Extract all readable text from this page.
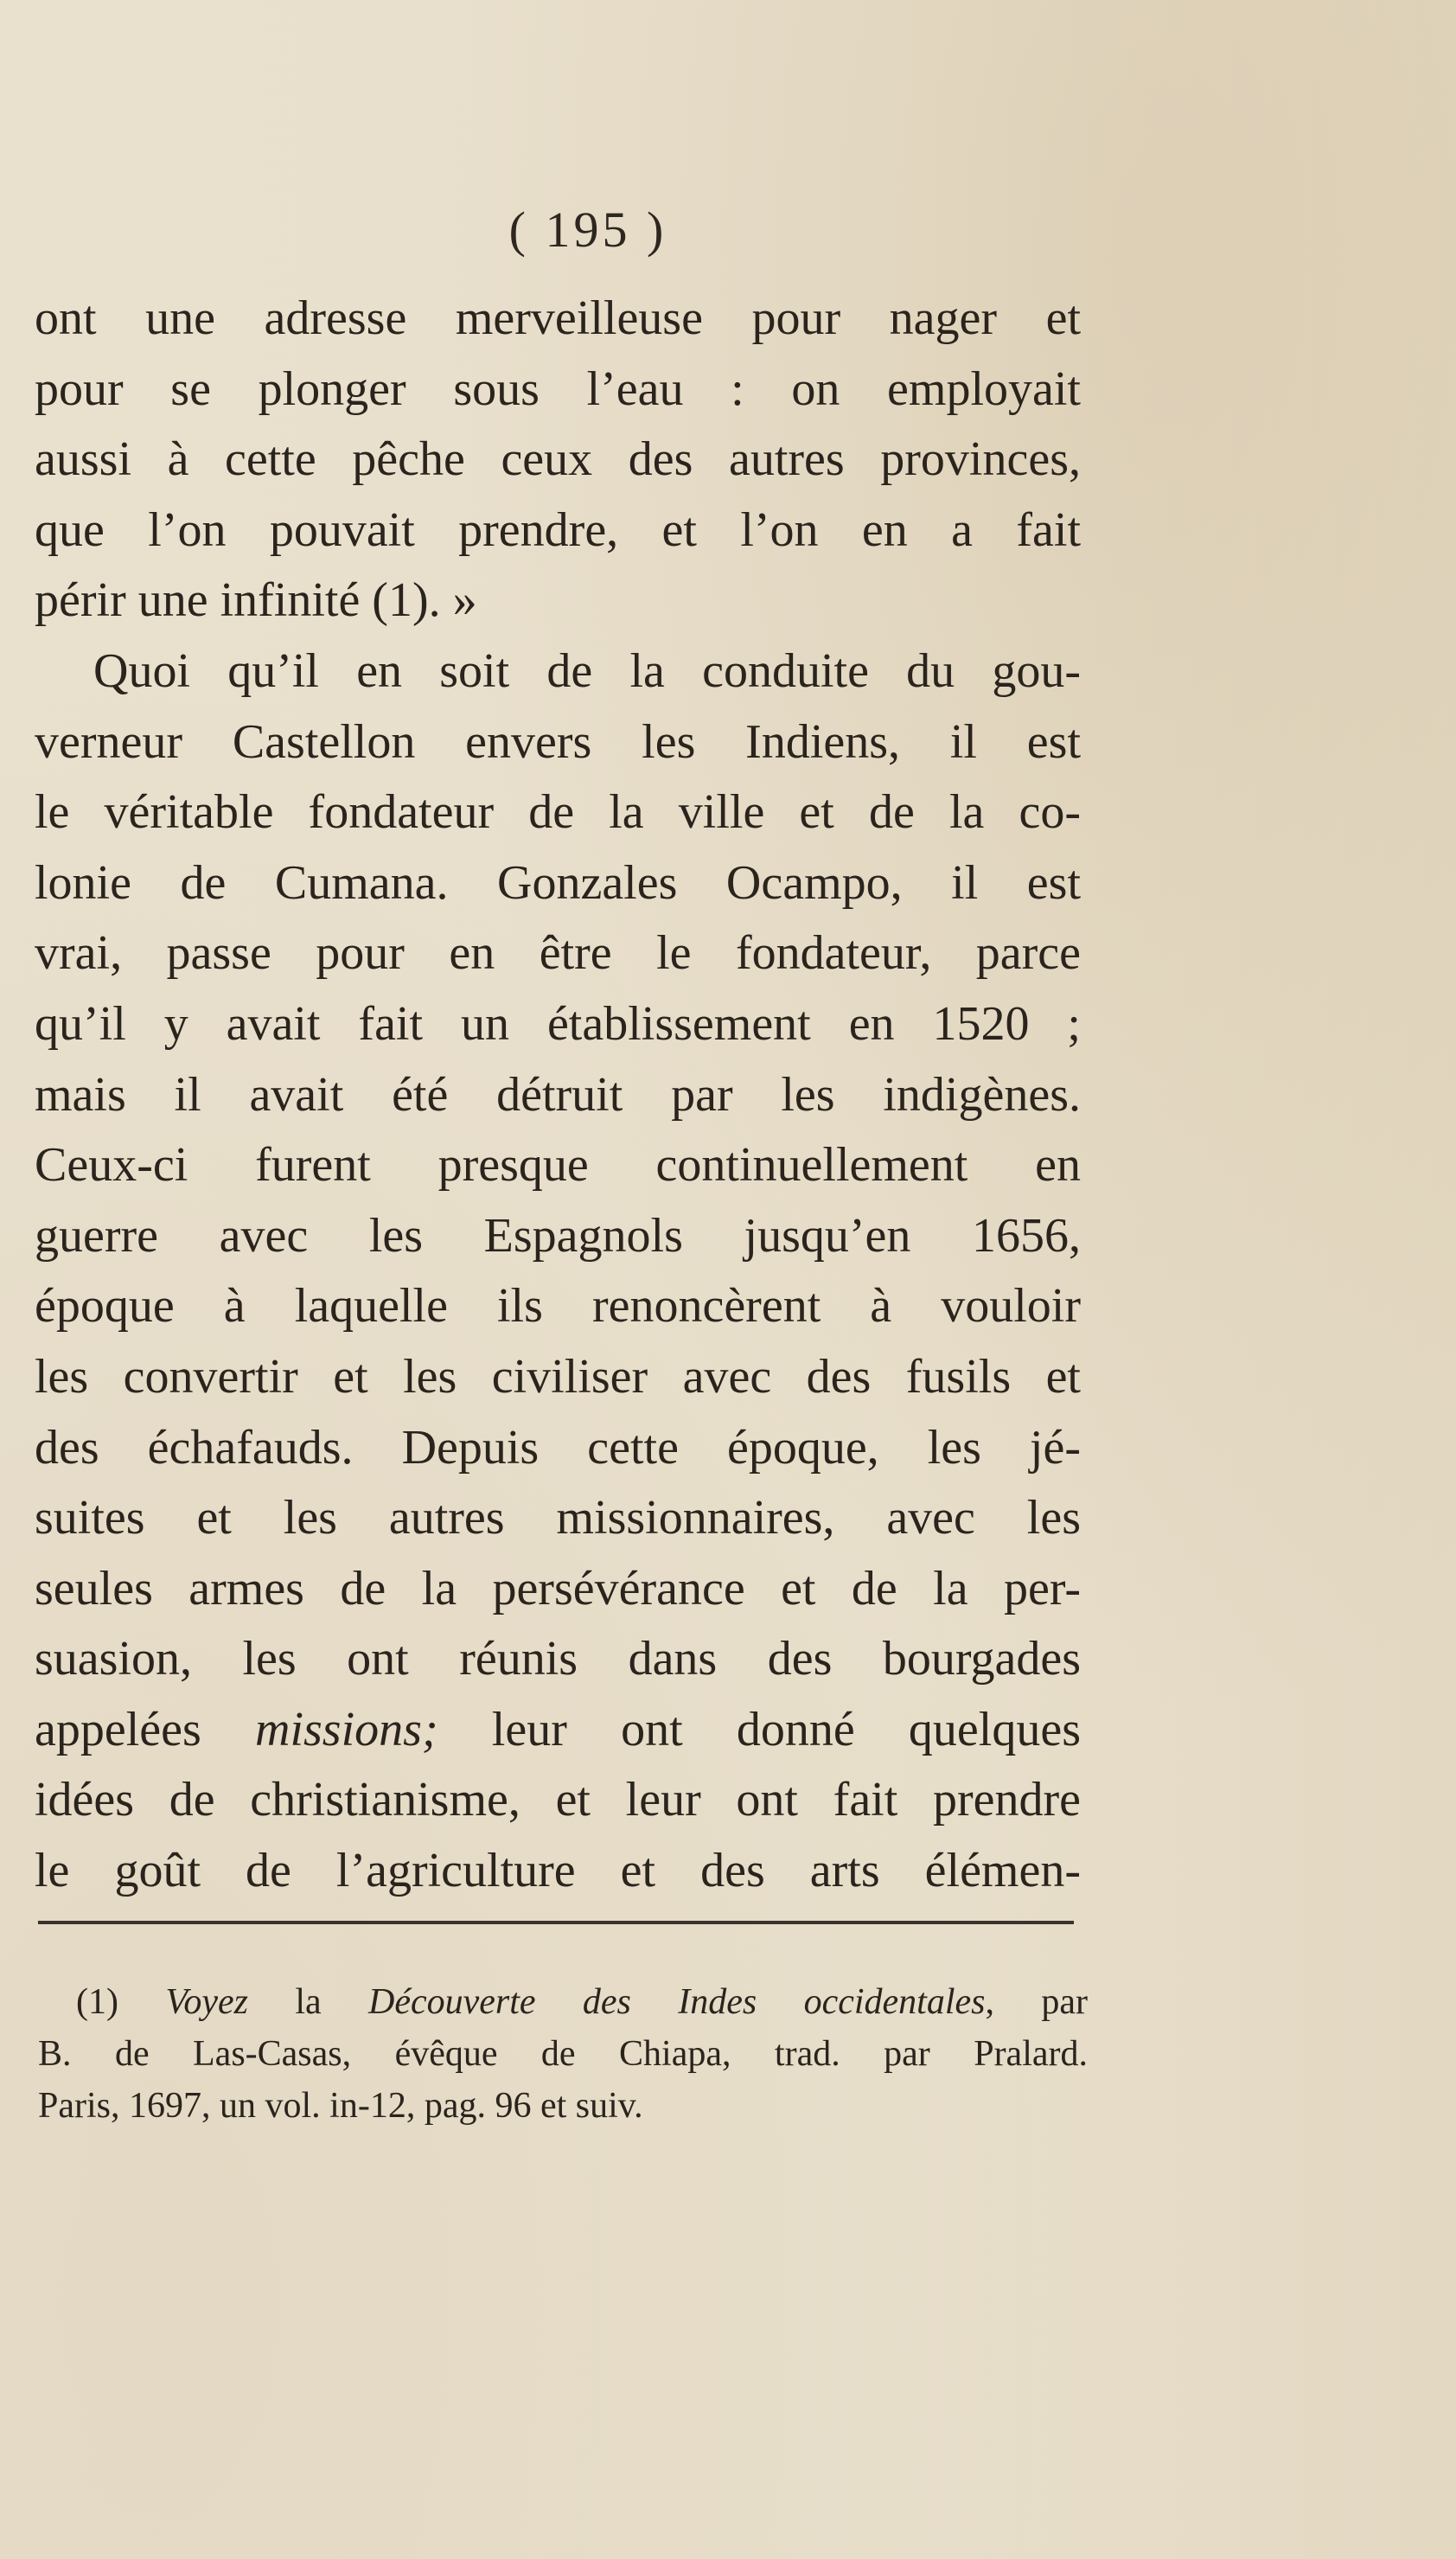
( 195 )
ont une adresse merveilleuse pour nager et
pour se plonger sous l’eau : on employait
aussi à cette pêche ceux des autres provinces,
que l’on pouvait prendre, et l’on en a fait
périr une infinité (1). »
Quoi qu’il en soit de la conduite du gou-
verneur Castellon envers les Indiens, il est
le véritable fondateur de la ville et de la co-
lonie de Cumana. Gonzales Ocampo, il est
vrai, passe pour en être le fondateur, parce
qu’il y avait fait un établissement en 1520 ;
mais il avait été détruit par les indigènes.
Ceux-ci furent presque continuellement en
guerre avec les Espagnols jusqu’en 1656,
époque à laquelle ils renoncèrent à vouloir
les convertir et les civiliser avec des fusils et
des échafauds. Depuis cette époque, les jé-
suites et les autres missionnaires, avec les
seules armes de la persévérance et de la per-
suasion, les ont réunis dans des bourgades
appelées missions; leur ont donné quelques
idées de christianisme, et leur ont fait prendre
le goût de l’agriculture et des arts élémen-
(1) Voyez la Découverte des Indes occidentales, par
B. de Las-Casas, évêque de Chiapa, trad. par Pralard.
Paris, 1697, un vol. in-12, pag. 96 et suiv.
